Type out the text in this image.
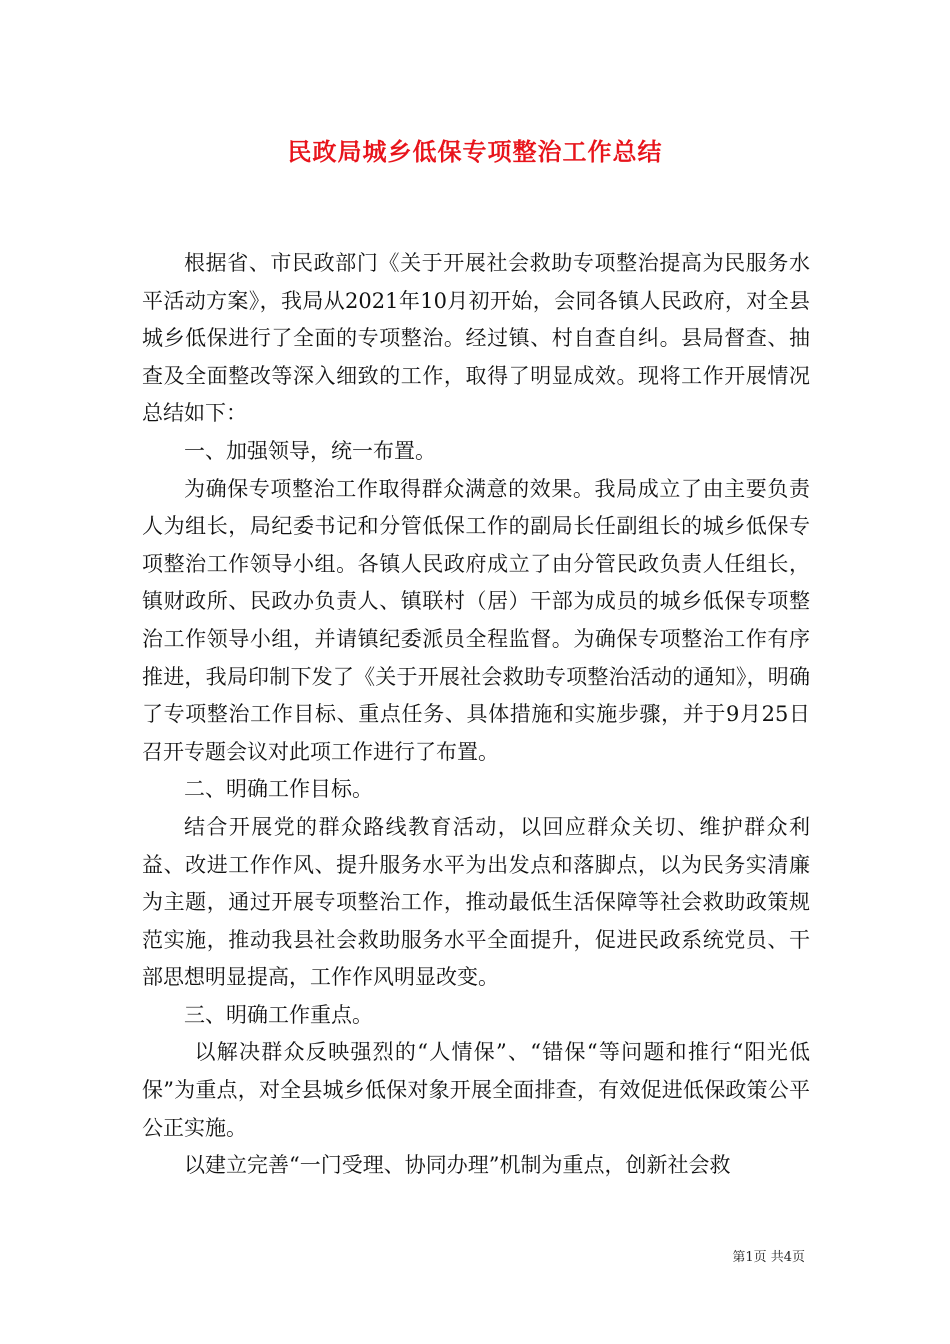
民政局城乡低保专项整治工作总结

根据省、市民政部门《关于开展社会救助专项整治提高为民服务水平活动方案》，我局从2021年10月初开始，会同各镇人民政府，对全县城乡低保进行了全面的专项整治。经过镇、村自查自纠。县局督查、抽查及全面整改等深入细致的工作，取得了明显成效。现将工作开展情况总结如下：

一、加强领导，统一布置。

为确保专项整治工作取得群众满意的效果。我局成立了由主要负责人为组长，局纪委书记和分管低保工作的副局长任副组长的城乡低保专项整治工作领导小组。各镇人民政府成立了由分管民政负责人任组长，镇财政所、民政办负责人、镇联村（居）干部为成员的城乡低保专项整治工作领导小组，并请镇纪委派员全程监督。为确保专项整治工作有序推进，我局印制下发了《关于开展社会救助专项整治活动的通知》，明确了专项整治工作目标、重点任务、具体措施和实施步骤，并于9月25日召开专题会议对此项工作进行了布置。

二、明确工作目标。

结合开展党的群众路线教育活动，以回应群众关切、维护群众利益、改进工作作风、提升服务水平为出发点和落脚点，以为民务实清廉为主题，通过开展专项整治工作，推动最低生活保障等社会救助政策规范实施，推动我县社会救助服务水平全面提升，促进民政系统党员、干部思想明显提高，工作作风明显改变。

三、明确工作重点。

以解决群众反映强烈的“人情保”、“错保“等问题和推行“阳光低保”为重点，对全县城乡低保对象开展全面排查，有效促进低保政策公平公正实施。

以建立完善“一门受理、协同办理”机制为重点，创新社会救

第1页 共4页
